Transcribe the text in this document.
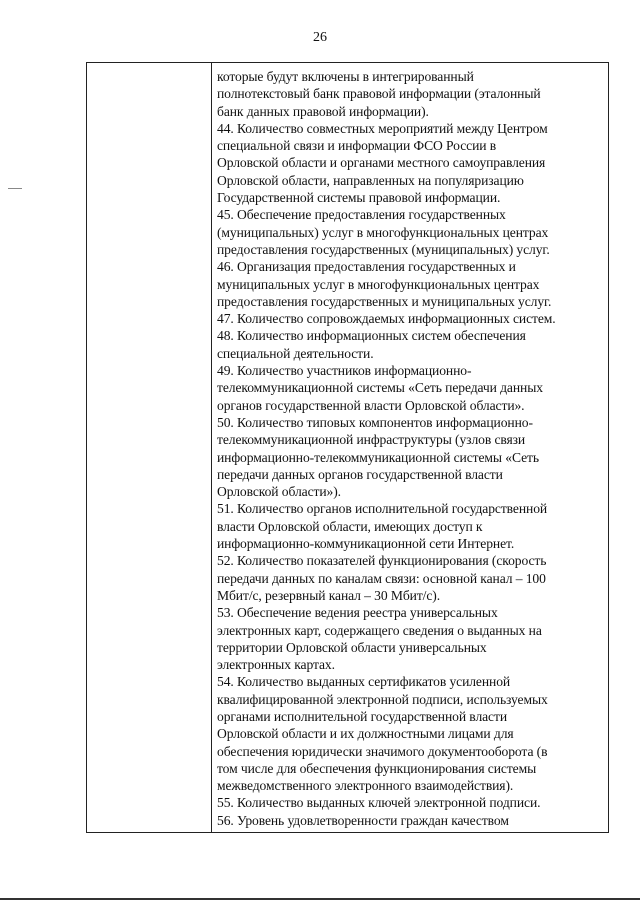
26
которые будут включены в интегрированный
полнотекстовый банк правовой информации (эталонный
банк данных правовой информации).
44. Количество совместных мероприятий между Центром
специальной связи и информации ФСО России в
Орловской области и органами местного самоуправления
Орловской области, направленных на популяризацию
Государственной системы правовой информации.
45. Обеспечение предоставления государственных
(муниципальных) услуг в многофункциональных центрах
предоставления государственных (муниципальных) услуг.
46. Организация предоставления государственных и
муниципальных услуг в многофункциональных центрах
предоставления государственных и муниципальных услуг.
47. Количество сопровождаемых информационных систем.
48. Количество информационных систем обеспечения
специальной деятельности.
49. Количество участников информационно-
телекоммуникационной системы «Сеть передачи данных
органов государственной власти Орловской области».
50. Количество типовых компонентов информационно-
телекоммуникационной инфраструктуры (узлов связи
информационно-телекоммуникационной системы «Сеть
передачи данных органов государственной власти
Орловской области»).
51. Количество органов исполнительной государственной
власти Орловской области, имеющих доступ к
информационно-коммуникационной сети Интернет.
52. Количество показателей функционирования (скорость
передачи данных по каналам связи: основной канал – 100
Мбит/с, резервный канал – 30 Мбит/с).
53. Обеспечение ведения реестра универсальных
электронных карт, содержащего сведения о выданных на
территории Орловской области универсальных
электронных картах.
54. Количество выданных сертификатов усиленной
квалифицированной электронной подписи, используемых
органами исполнительной государственной власти
Орловской области и их должностными лицами для
обеспечения юридически значимого документооборота (в
том числе для обеспечения функционирования системы
межведомственного электронного взаимодействия).
55. Количество выданных ключей электронной подписи.
56. Уровень удовлетворенности граждан качеством
